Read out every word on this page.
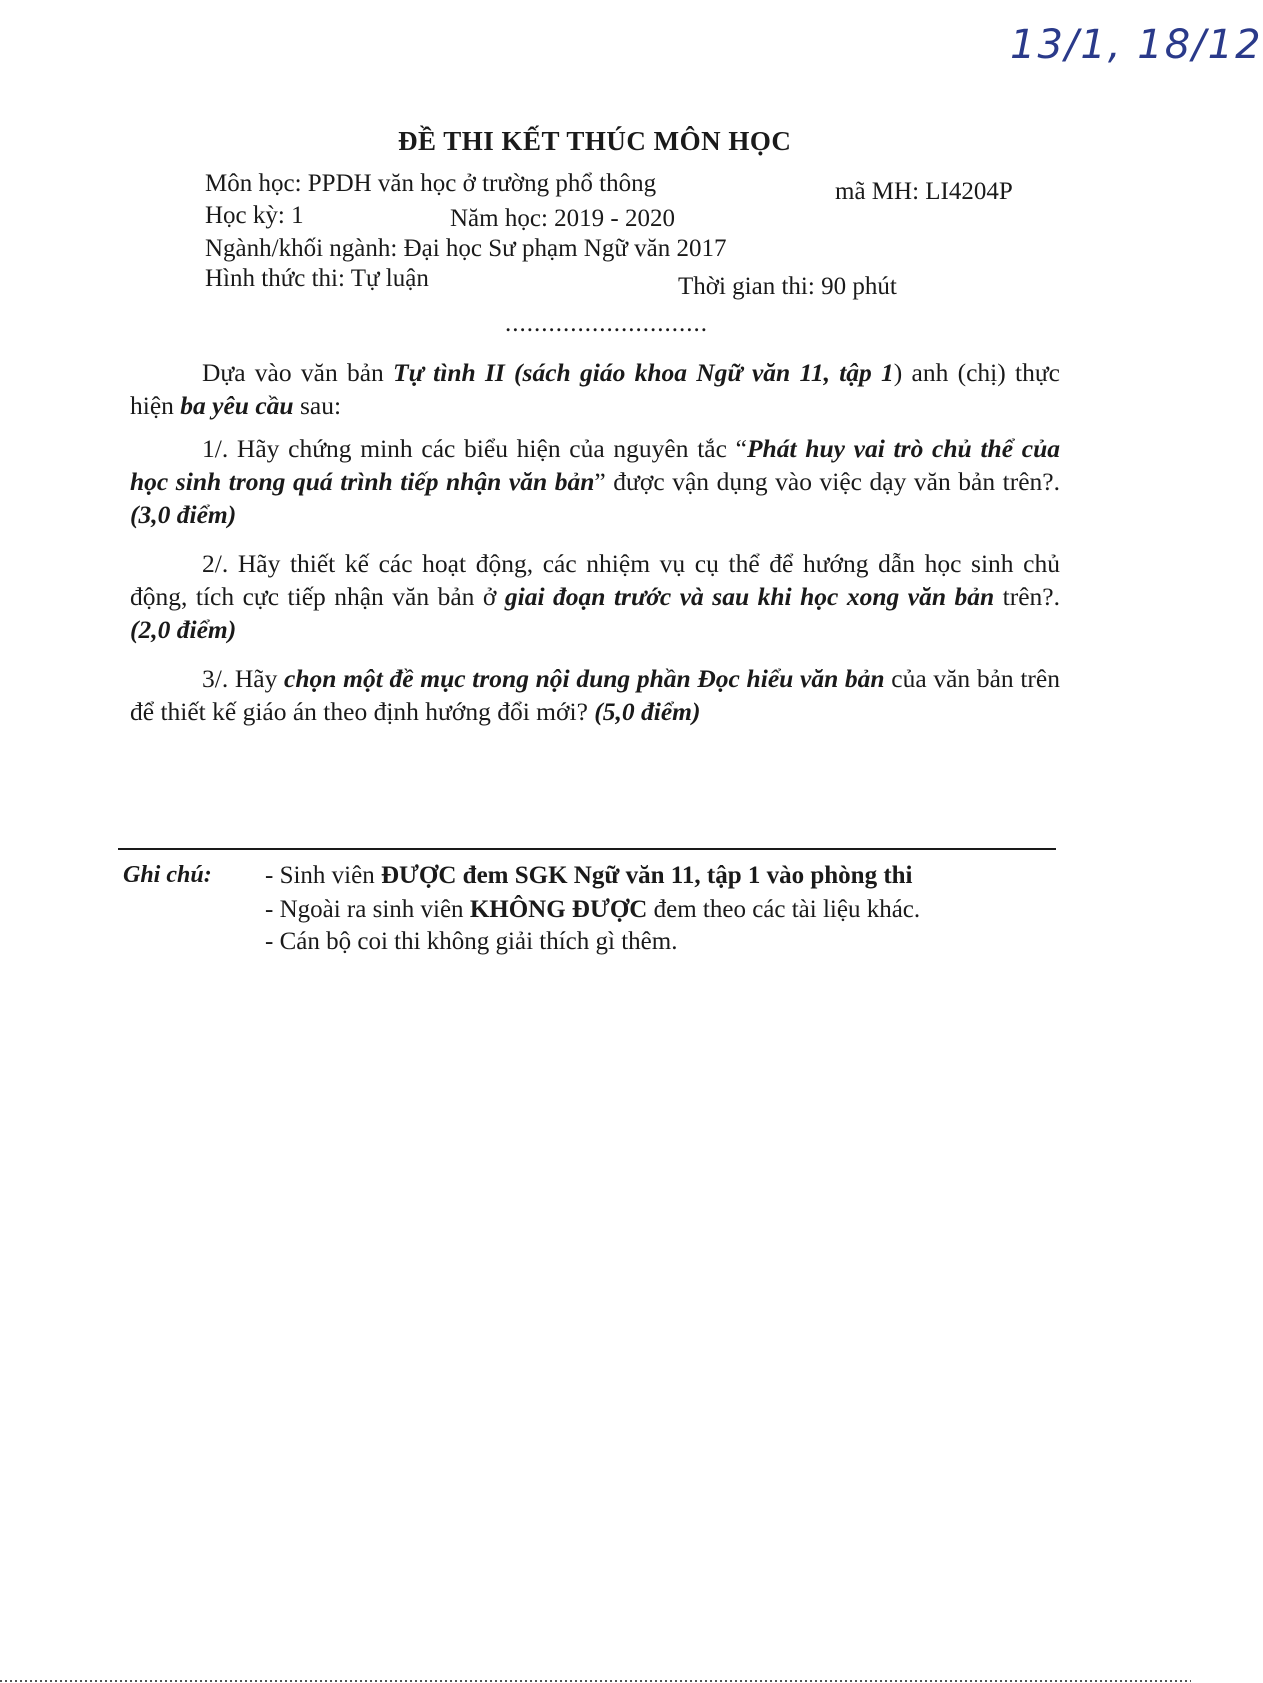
13/1, 18/12
ĐỀ THI KẾT THÚC MÔN HỌC
Môn học: PPDH văn học ở trường phổ thông	mã MH: LI4204P
Học kỳ: 1	Năm học: 2019 - 2020
Ngành/khối ngành: Đại học Sư phạm Ngữ văn 2017
Hình thức thi: Tự luận	Thời gian thi: 90 phút
............................
Dựa vào văn bản Tự tình II (sách giáo khoa Ngữ văn 11, tập 1) anh (chị) thực hiện ba yêu cầu sau:
1/. Hãy chứng minh các biểu hiện của nguyên tắc “Phát huy vai trò chủ thể của học sinh trong quá trình tiếp nhận văn bản” được vận dụng vào việc dạy văn bản trên?. (3,0 điểm)
2/. Hãy thiết kế các hoạt động, các nhiệm vụ cụ thể để hướng dẫn học sinh chủ động, tích cực tiếp nhận văn bản ở giai đoạn trước và sau khi học xong văn bản trên?. (2,0 điểm)
3/. Hãy chọn một đề mục trong nội dung phần Đọc hiểu văn bản của văn bản trên để thiết kế giáo án theo định hướng đổi mới? (5,0 điểm)
Ghi chú: - Sinh viên ĐƯỢC đem SGK Ngữ văn 11, tập 1 vào phòng thi
- Ngoài ra sinh viên KHÔNG ĐƯỢC đem theo các tài liệu khác.
- Cán bộ coi thi không giải thích gì thêm.
